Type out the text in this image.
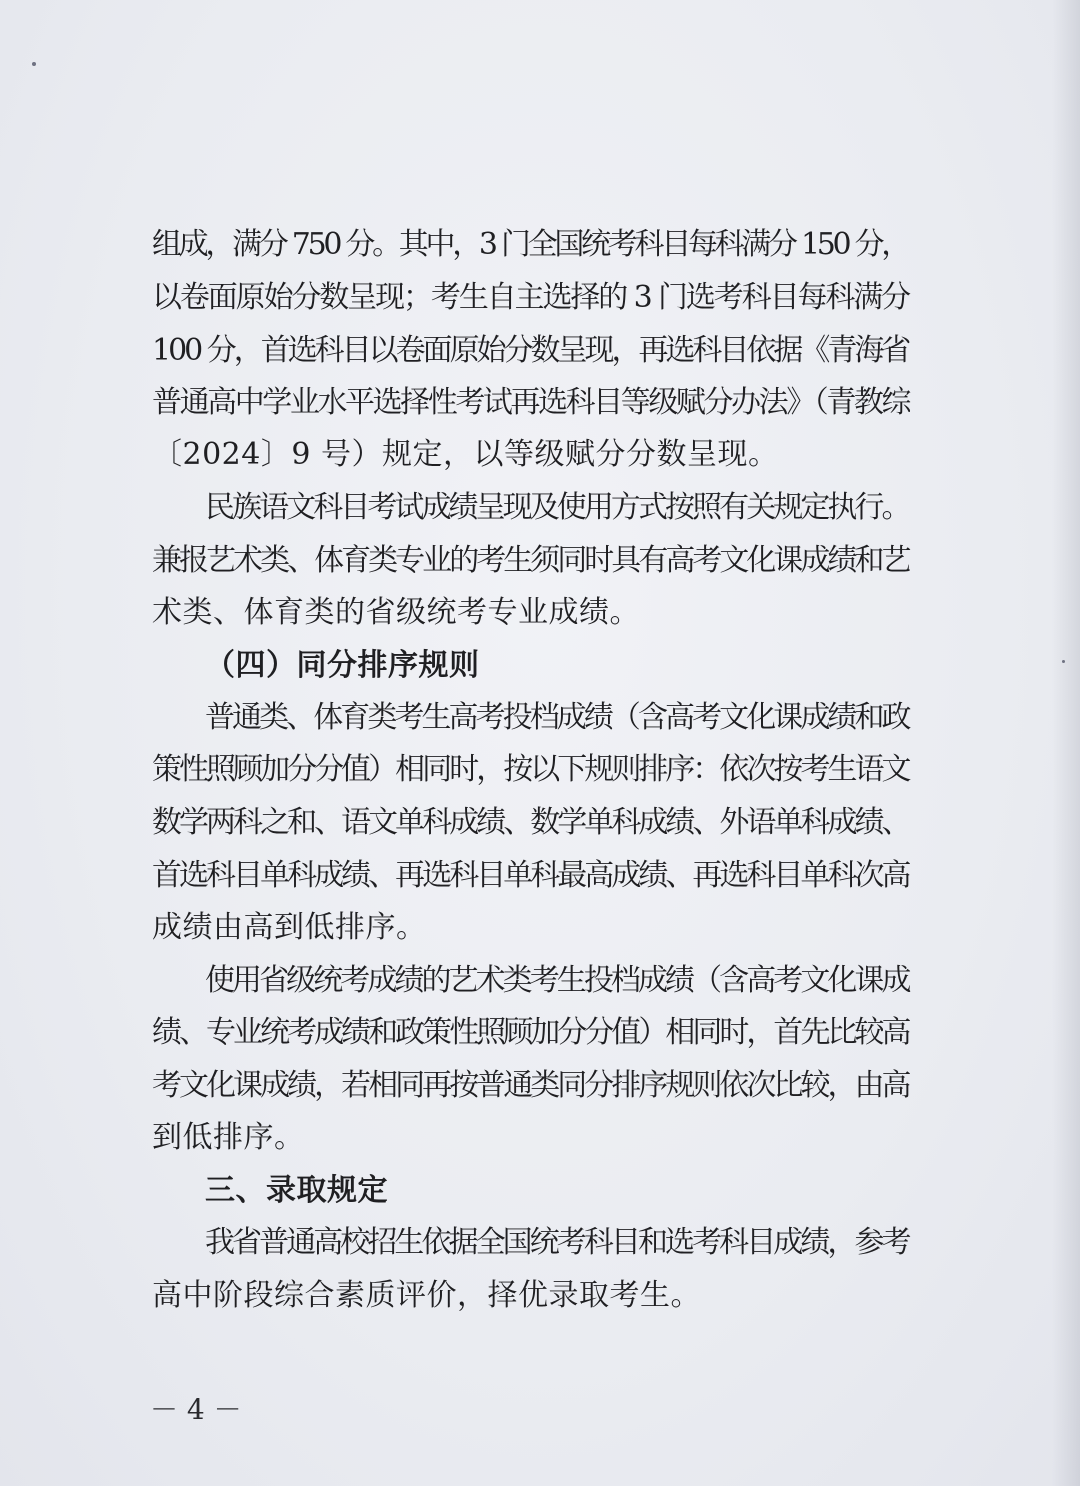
组成，满分 750 分。其中，3 门全国统考科目每科满分 150 分，
以卷面原始分数呈现；考生自主选择的 3 门选考科目每科满分
100 分，首选科目以卷面原始分数呈现，再选科目依据《青海省
普通高中学业水平选择性考试再选科目等级赋分办法》（青教综
〔2024〕9 号）规定，以等级赋分分数呈现。
民族语文科目考试成绩呈现及使用方式按照有关规定执行。
兼报艺术类、体育类专业的考生须同时具有高考文化课成绩和艺
术类、体育类的省级统考专业成绩。
（四）同分排序规则
普通类、体育类考生高考投档成绩（含高考文化课成绩和政
策性照顾加分分值）相同时，按以下规则排序：依次按考生语文
数学两科之和、语文单科成绩、数学单科成绩、外语单科成绩、
首选科目单科成绩、再选科目单科最高成绩、再选科目单科次高
成绩由高到低排序。
使用省级统考成绩的艺术类考生投档成绩（含高考文化课成
绩、专业统考成绩和政策性照顾加分分值）相同时，首先比较高
考文化课成绩，若相同再按普通类同分排序规则依次比较，由高
到低排序。
三、录取规定
我省普通高校招生依据全国统考科目和选考科目成绩，参考
高中阶段综合素质评价，择优录取考生。
－ 4 －
